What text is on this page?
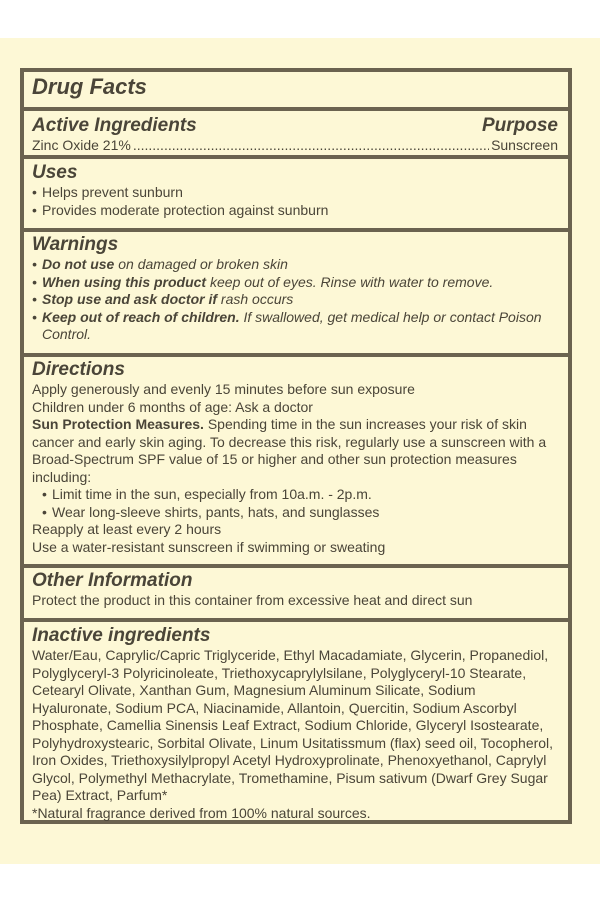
Drug Facts
Active Ingredients	Purpose
Zinc Oxide 21%
.....	Sunscreen
Uses
• Helps prevent sunburn
• Provides moderate protection against sunburn
Warnings
• Do not use on damaged or broken skin
• When using this product keep out of eyes. Rinse with water to remove.
• Stop use and ask doctor if rash occurs
• Keep out of reach of children. If swallowed, get medical help or contact Poison Control.
Directions
Apply generously and evenly 15 minutes before sun exposure
Children under 6 months of age: Ask a doctor
Sun Protection Measures. Spending time in the sun increases your risk of skin cancer and early skin aging. To decrease this risk, regularly use a sunscreen with a Broad-Spectrum SPF value of 15 or higher and other sun protection measures including:
• Limit time in the sun, especially from 10a.m. - 2p.m.
• Wear long-sleeve shirts, pants, hats, and sunglasses
Reapply at least every 2 hours
Use a water-resistant sunscreen if swimming or sweating
Other Information
Protect the product in this container from excessive heat and direct sun
Inactive ingredients
Water/Eau, Caprylic/Capric Triglyceride, Ethyl Macadamiate, Glycerin, Propanediol, Polyglyceryl-3 Polyricinoleate, Triethoxycaprylylsilane, Polyglyceryl-10 Stearate, Cetearyl Olivate, Xanthan Gum, Magnesium Aluminum Silicate, Sodium Hyaluronate, Sodium PCA, Niacinamide, Allantoin, Quercitin, Sodium Ascorbyl Phosphate, Camellia Sinensis Leaf Extract, Sodium Chloride, Glyceryl Isostearate, Polyhydroxystearic, Sorbital Olivate, Linum Usitatissmum (flax) seed oil, Tocopherol, Iron Oxides, Triethoxysilylpropyl Acetyl Hydroxyprolinate, Phenoxyethanol, Caprylyl Glycol, Polymethyl Methacrylate, Tromethamine, Pisum sativum (Dwarf Grey Sugar Pea) Extract, Parfum*
*Natural fragrance derived from 100% natural sources.
